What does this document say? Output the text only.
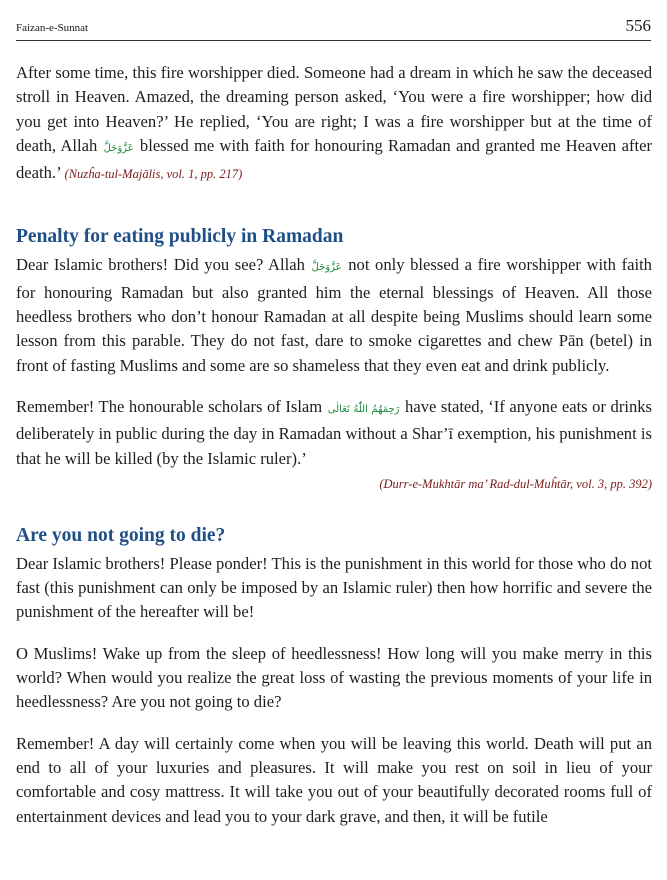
Faizan-e-Sunnat	556

After some time, this fire worshipper died. Someone had a dream in which he saw the deceased stroll in Heaven. Amazed, the dreaming person asked, ‘You were a fire worshipper; how did you get into Heaven?’ He replied, ‘You are right; I was a fire worshipper but at the time of death, Allah عَزَّوَجَلَّ blessed me with faith for honouring Ramadan and granted me Heaven after death.’ (Nuzĥa-tul-Majālis, vol. 1, pp. 217)

Penalty for eating publicly in Ramadan

Dear Islamic brothers! Did you see? Allah عَزَّوَجَلَّ not only blessed a fire worshipper with faith for honouring Ramadan but also granted him the eternal blessings of Heaven. All those heedless brothers who don’t honour Ramadan at all despite being Muslims should learn some lesson from this parable. They do not fast, dare to smoke cigarettes and chew Pān (betel) in front of fasting Muslims and some are so shameless that they even eat and drink publicly.

Remember! The honourable scholars of Islam رَحِمَهُمُ اللّٰهُ تَعَالٰی have stated, ‘If anyone eats or drinks deliberately in public during the day in Ramadan without a Shar’ī exemption, his punishment is that he will be killed (by the Islamic ruler).’

(Durr-e-Mukhtār ma’ Rad-dul-Muĥtār, vol. 3, pp. 392)

Are you not going to die?

Dear Islamic brothers! Please ponder! This is the punishment in this world for those who do not fast (this punishment can only be imposed by an Islamic ruler) then how horrific and severe the punishment of the hereafter will be!

O Muslims! Wake up from the sleep of heedlessness! How long will you make merry in this world? When would you realize the great loss of wasting the previous moments of your life in heedlessness? Are you not going to die?

Remember! A day will certainly come when you will be leaving this world. Death will put an end to all of your luxuries and pleasures. It will make you rest on soil in lieu of your comfortable and cosy mattress. It will take you out of your beautifully decorated rooms full of entertainment devices and lead you to your dark grave, and then, it will be futile
